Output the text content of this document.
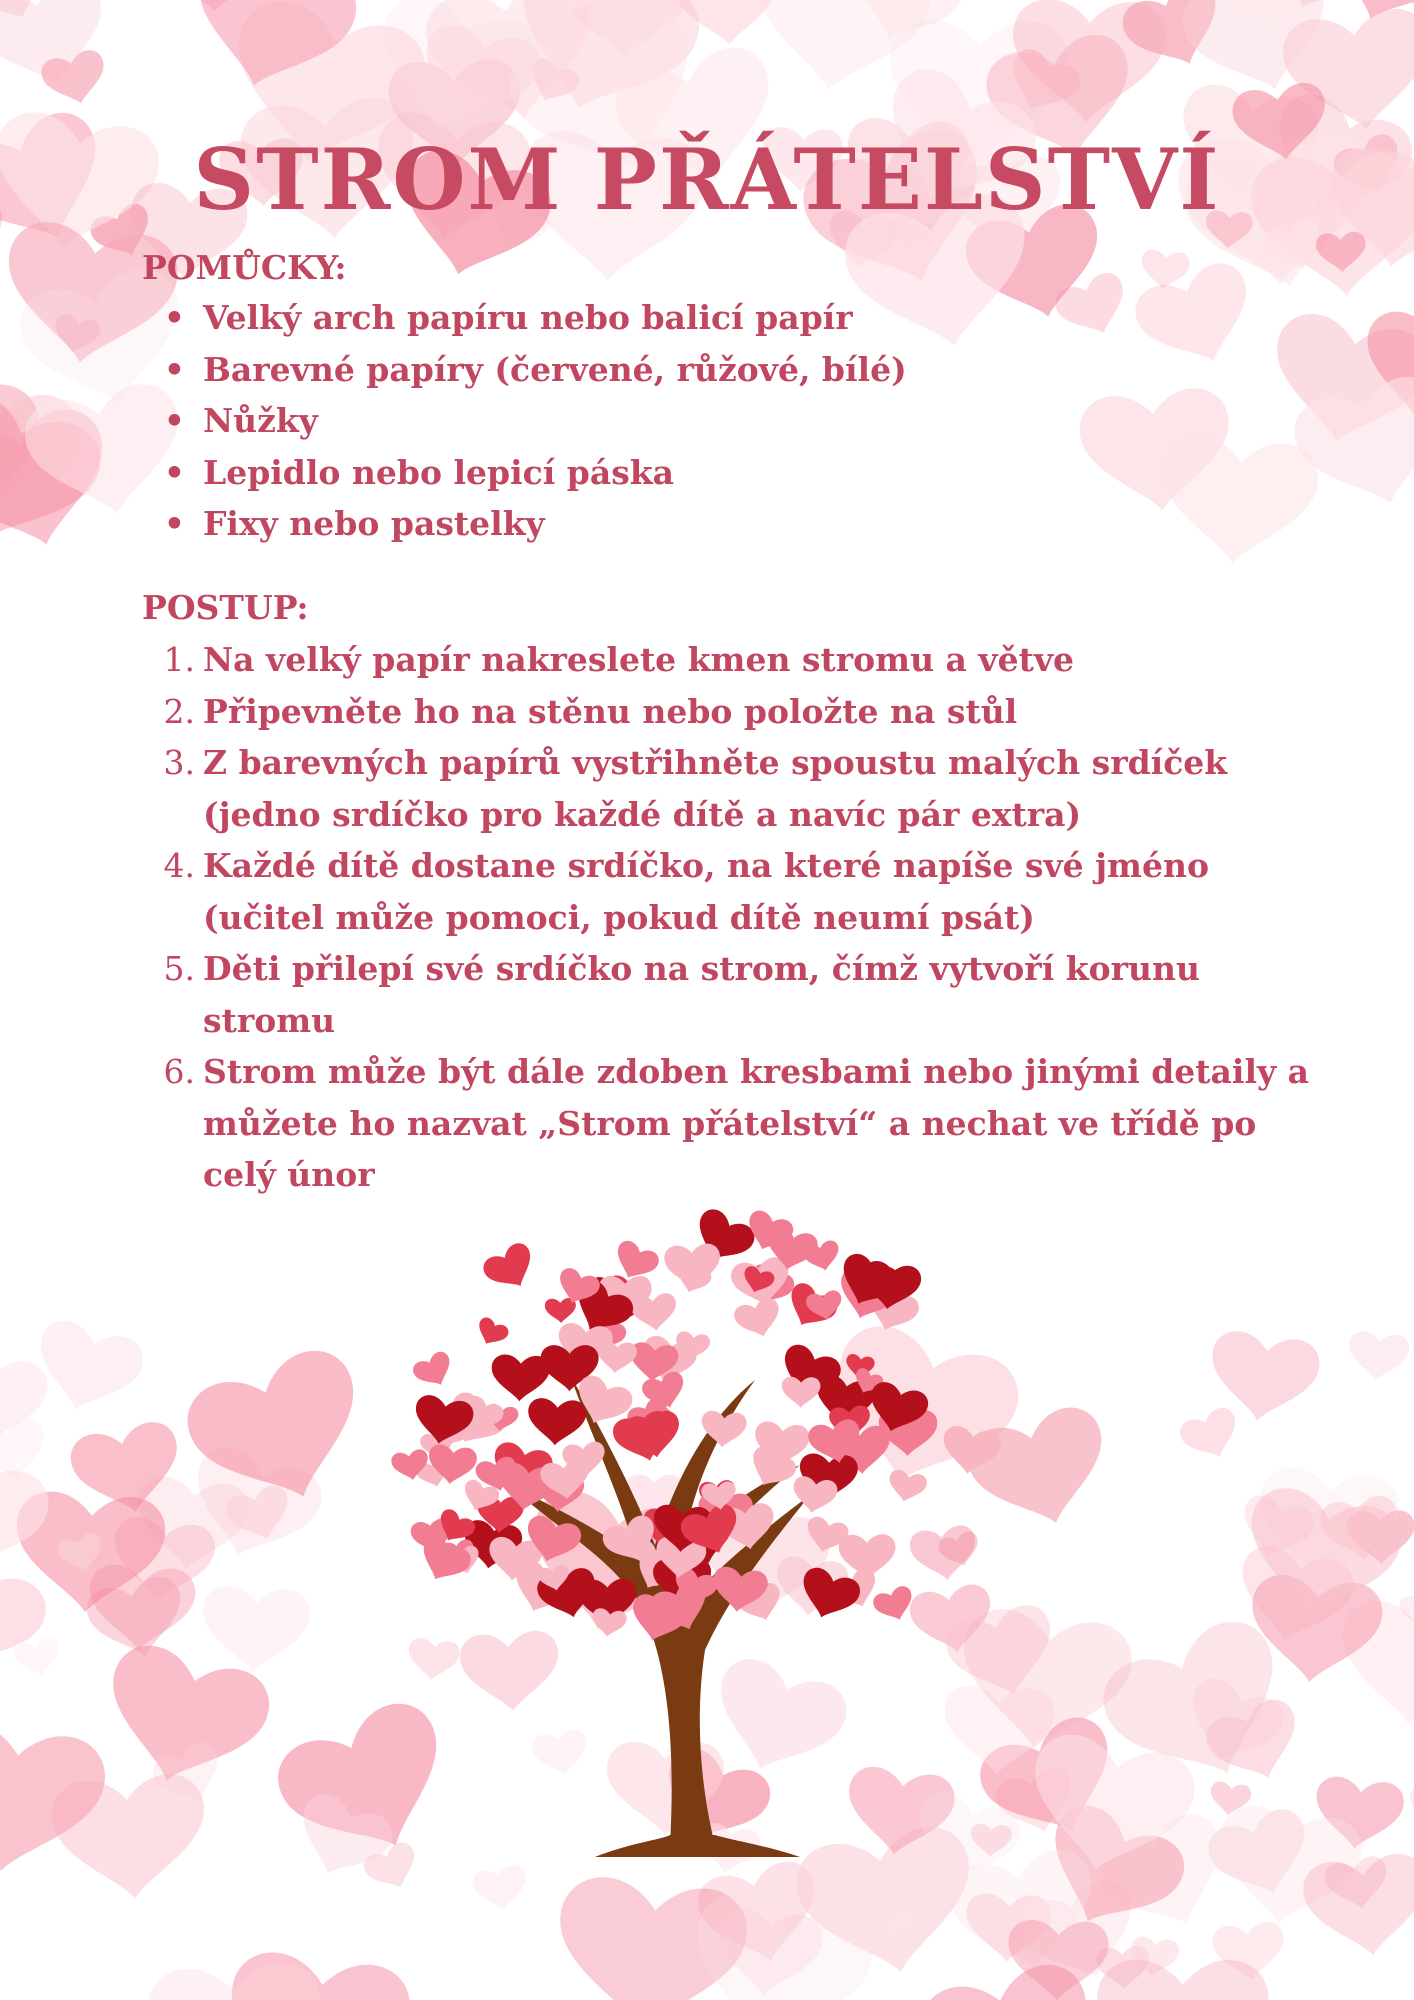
STROM PŘÁTELSTVÍ
POMŮCKY:
• Velký arch papíru nebo balicí papír
• Barevné papíry (červené, růžové, bílé)
• Nůžky
• Lepidlo nebo lepicí páska
• Fixy nebo pastelky
POSTUP:
1. Na velký papír nakreslete kmen stromu a větve
2. Připevněte ho na stěnu nebo položte na stůl
3. Z barevných papírů vystřihněte spoustu malých srdíček (jedno srdíčko pro každé dítě a navíc pár extra)
4. Každé dítě dostane srdíčko, na které napíše své jméno (učitel může pomoci, pokud dítě neumí psát)
5. Děti přilepí své srdíčko na strom, čímž vytvoří korunu stromu
6. Strom může být dále zdoben kresbami nebo jinými detaily a můžete ho nazvat „Strom přátelství“ a nechat ve třídě po celý únor
